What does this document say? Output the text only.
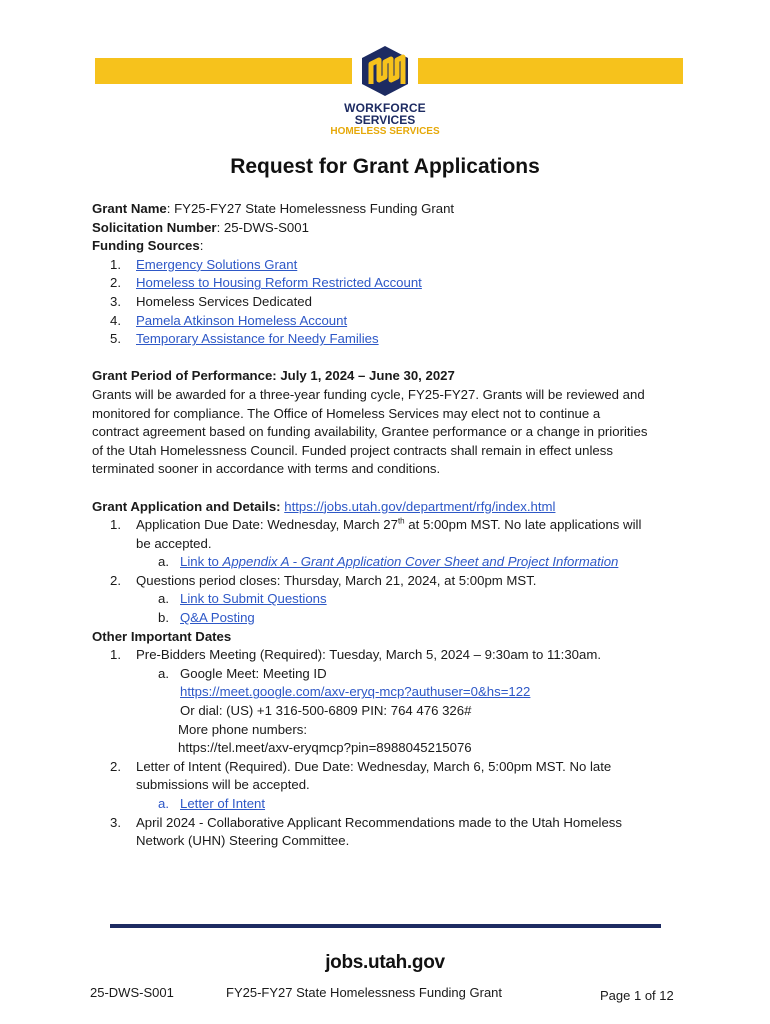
WORKFORCE
SERVICES
HOMELESS SERVICES
Request for Grant Applications

Grant Name: FY25-FY27 State Homelessness Funding Grant

Solicitation Number: 25-DWS-S001

Funding Sources:

1. Emergency Solutions Grant
2. Homeless to Housing Reform Restricted Account
3. Homeless Services Dedicated
4. Pamela Atkinson Homeless Account
5. Temporary Assistance for Needy Families

Grant Period of Performance: July 1, 2024 – June 30, 2027

Grants will be awarded for a three-year funding cycle, FY25-FY27. Grants will be reviewed and
monitored for compliance. The Office of Homeless Services may elect not to continue a
contract agreement based on funding availability, Grantee performance or a change in priorities
of the Utah Homelessness Council. Funded project contracts shall remain in effect unless
terminated sooner in accordance with terms and conditions.

Grant Application and Details: https://jobs.utah.gov/department/rfg/index.html

1. Application Due Date: Wednesday, March 27th at 5:00pm MST. No late applications will
be accepted.
a. Link to Appendix A - Grant Application Cover Sheet and Project Information
2. Questions period closes: Thursday, March 21, 2024, at 5:00pm MST.
a. Link to Submit Questions
b. Q&A Posting

Other Important Dates

1. Pre-Bidders Meeting (Required): Tuesday, March 5, 2024 – 9:30am to 11:30am.
a. Google Meet: Meeting ID
https://meet.google.com/axv-eryq-mcp?authuser=0&hs=122
Or dial: (US) +1 316-500-6809 PIN: 764 476 326#
More phone numbers:
https://tel.meet/axv-eryqmcp?pin=8988045215076
2. Letter of Intent (Required). Due Date: Wednesday, March 6, 5:00pm MST. No late
submissions will be accepted.
a. Letter of Intent
3. April 2024 - Collaborative Applicant Recommendations made to the Utah Homeless
Network (UHN) Steering Committee.
jobs.utah.gov
25-DWS-S001	FY25-FY27 State Homelessness Funding Grant	Page 1 of 12
